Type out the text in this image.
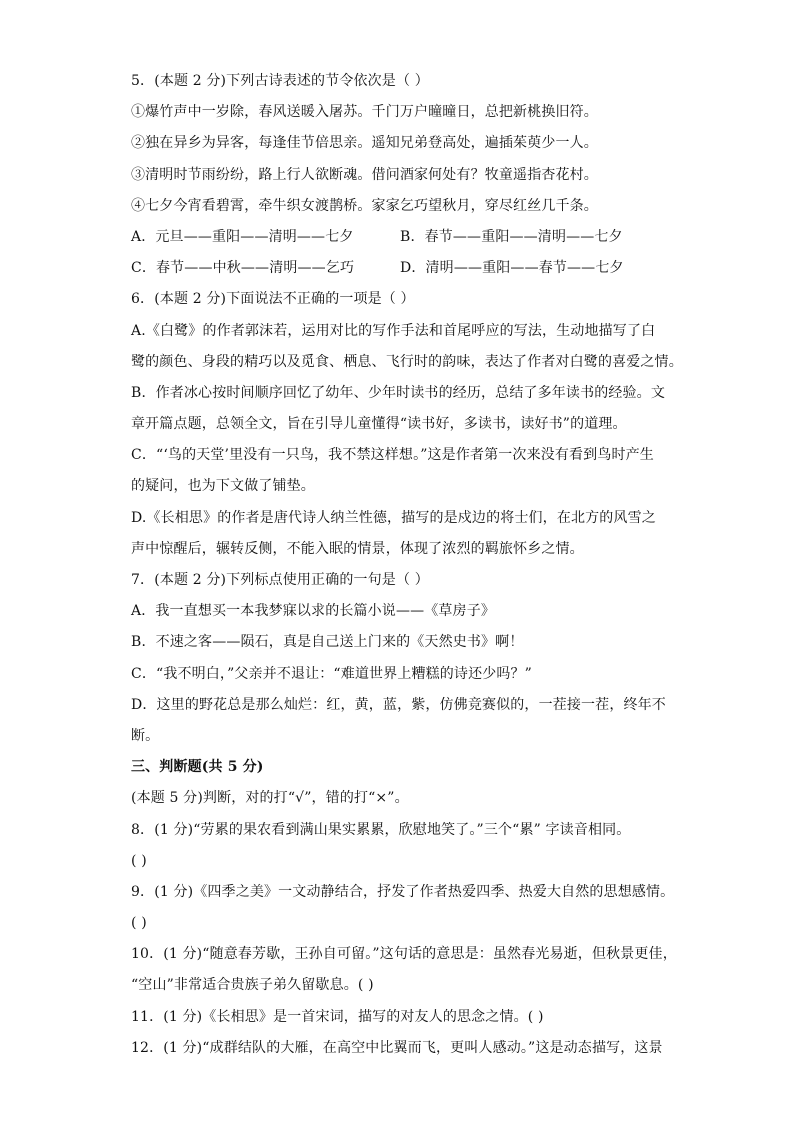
5．(本题 2 分)下列古诗表述的节令依次是（ ）
①爆竹声中一岁除，春风送暖入屠苏。千门万户曈曈日，总把新桃换旧符。
②独在异乡为异客，每逢佳节倍思亲。遥知兄弟登高处，遍插茱萸少一人。
③清明时节雨纷纷，路上行人欲断魂。借问酒家何处有？牧童遥指杏花村。
④七夕今宵看碧霄，牵牛织女渡鹊桥。家家乞巧望秋月，穿尽红丝几千条。
A．元旦——重阳——清明——七夕	B．春节——重阳——清明——七夕
C．春节——中秋——清明——乞巧	D．清明——重阳——春节——七夕
6．(本题 2 分)下面说法不正确的一项是（ ）
A.《白鹭》的作者郭沫若，运用对比的写作手法和首尾呼应的写法，生动地描写了白
鹭的颜色、身段的精巧以及觅食、栖息、飞行时的韵味，表达了作者对白鹭的喜爱之情。
B．作者冰心按时间顺序回忆了幼年、少年时读书的经历，总结了多年读书的经验。文
章开篇点题，总领全文，旨在引导儿童懂得“读书好，多读书，读好书”的道理。
C．“‘鸟的天堂’里没有一只鸟，我不禁这样想。”这是作者第一次来没有看到鸟时产生
的疑问，也为下文做了铺垫。
D.《长相思》的作者是唐代诗人纳兰性德，描写的是戍边的将士们，在北方的风雪之
声中惊醒后，辗转反侧，不能入眠的情景，体现了浓烈的羁旅怀乡之情。
7．(本题 2 分)下列标点使用正确的一句是（ ）
A．我一直想买一本我梦寐以求的长篇小说——《草房子》
B．不速之客——陨石，真是自己送上门来的《天然史书》啊！
C．“我不明白，”父亲并不退让：“难道世界上糟糕的诗还少吗？”
D．这里的野花总是那么灿烂：红，黄，蓝，紫，仿佛竞赛似的，一茬接一茬，终年不
断。
三、判断题(共 5 分)
(本题 5 分)判断，对的打“√”，错的打“×”。
8．(1 分)“劳累的果农看到满山果实累累，欣慰地笑了。”三个“累” 字读音相同。
( )
9．(1 分)《四季之美》一文动静结合，抒发了作者热爱四季、热爱大自然的思想感情。
( )
10．(1 分)“随意春芳歇，王孙自可留。”这句话的意思是：虽然春光易逝，但秋景更佳，
“空山”非常适合贵族子弟久留歇息。( )
11．(1 分)《长相思》是一首宋词，描写的对友人的思念之情。( )
12．(1 分)“成群结队的大雁，在高空中比翼而飞，更叫人感动。”这是动态描写，这景
